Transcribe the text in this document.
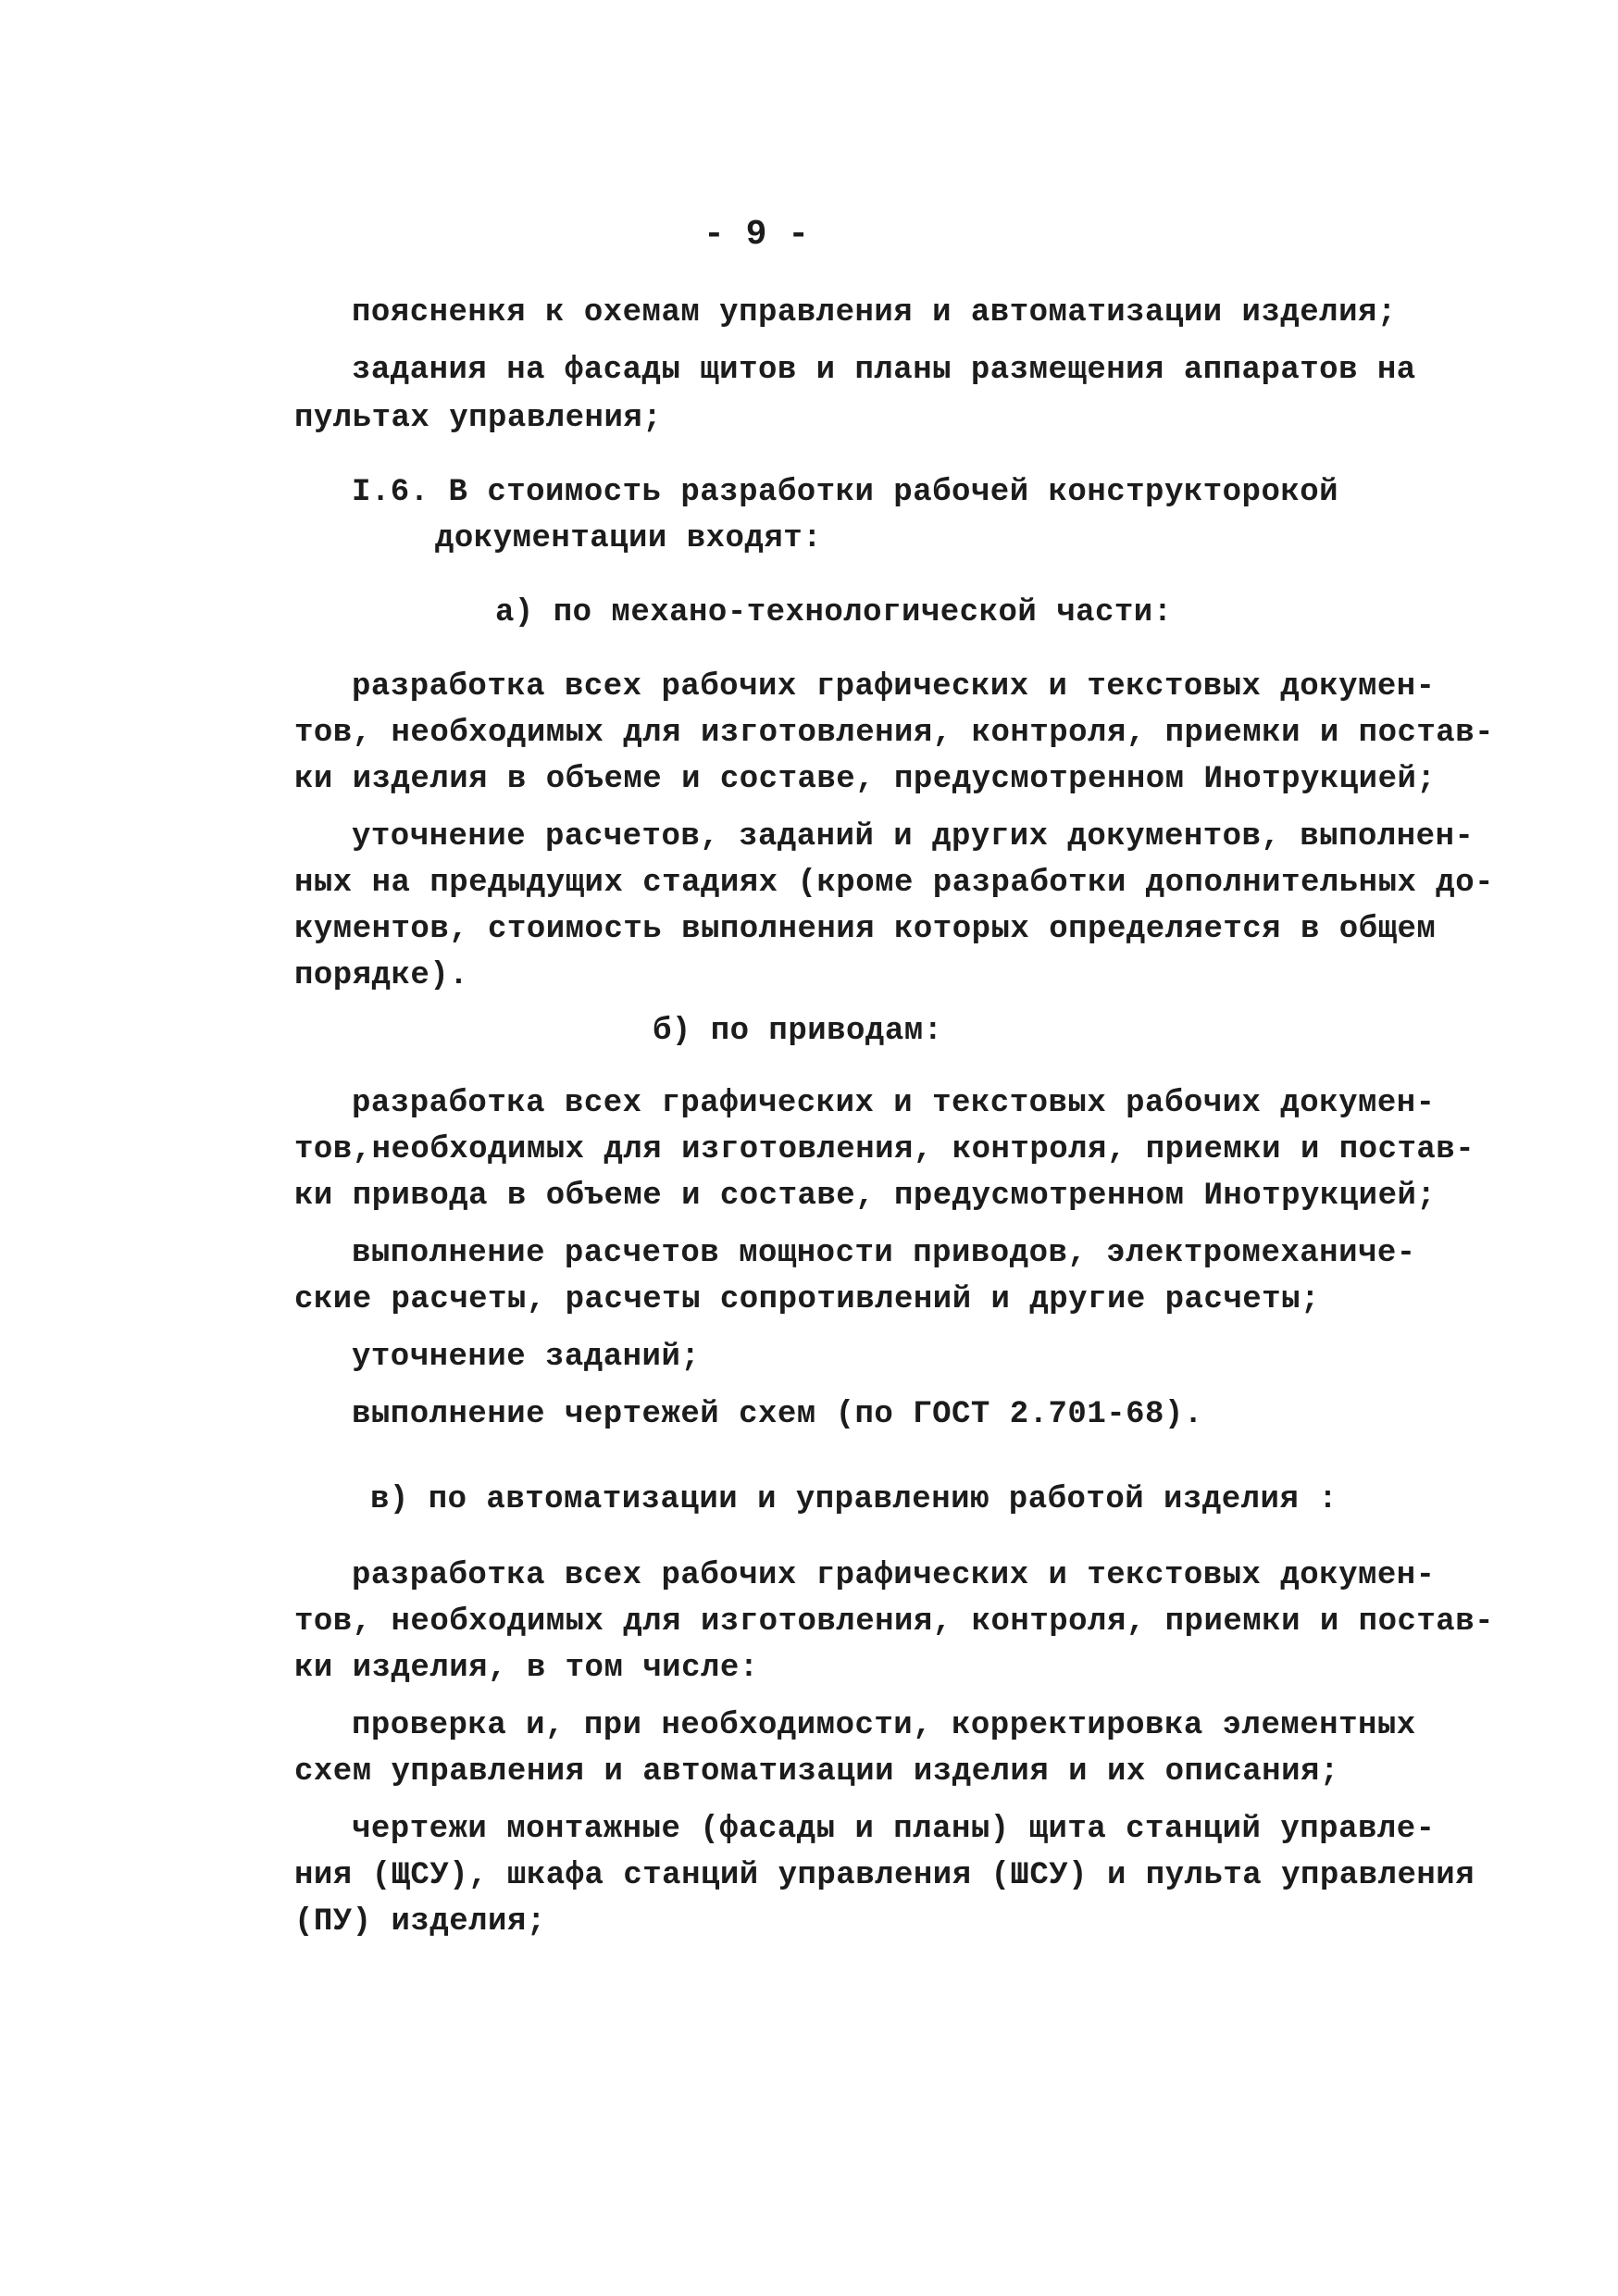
- 9 -
поясненкя к охемам управления и автоматизации изделия;
задания на фасады щитов и планы размещения аппаратов на
пультах управления;
I.6. В стоимость разработки рабочей конструкторокой
документации входят:
а) по механо-технологической части:
разработка всех рабочих графических и текстовых докумен-
тов, необходимых для изготовления, контроля, приемки и постав-
ки изделия в объеме и составе, предусмотренном Инотрукцией;
уточнение расчетов, заданий и других документов, выполнен-
ных на предыдущих стадиях (кроме разработки дополнительных до-
кументов, стоимость выполнения которых определяется в общем
порядке).
б) по приводам:
разработка всех графических и текстовых рабочих докумен-
тов,необходимых для изготовления, контроля, приемки и постав-
ки привода в объеме и составе, предусмотренном Инотрукцией;
выполнение расчетов мощности приводов, электромеханиче-
ские расчеты, расчеты сопротивлений и другие расчеты;
уточнение заданий;
выполнение чертежей схем (по ГОСТ 2.701-68).
в) по автоматизации и управлению работой изделия :
разработка всех рабочих графических и текстовых докумен-
тов, необходимых для изготовления, контроля, приемки и постав-
ки изделия, в том числе:
проверка и, при необходимости, корректировка элементных
схем управления и автоматизации изделия и их описания;
чертежи монтажные (фасады и планы) щита станций управле-
ния (ЩСУ), шкафа станций управления (ШСУ) и пульта управления
(ПУ) изделия;
